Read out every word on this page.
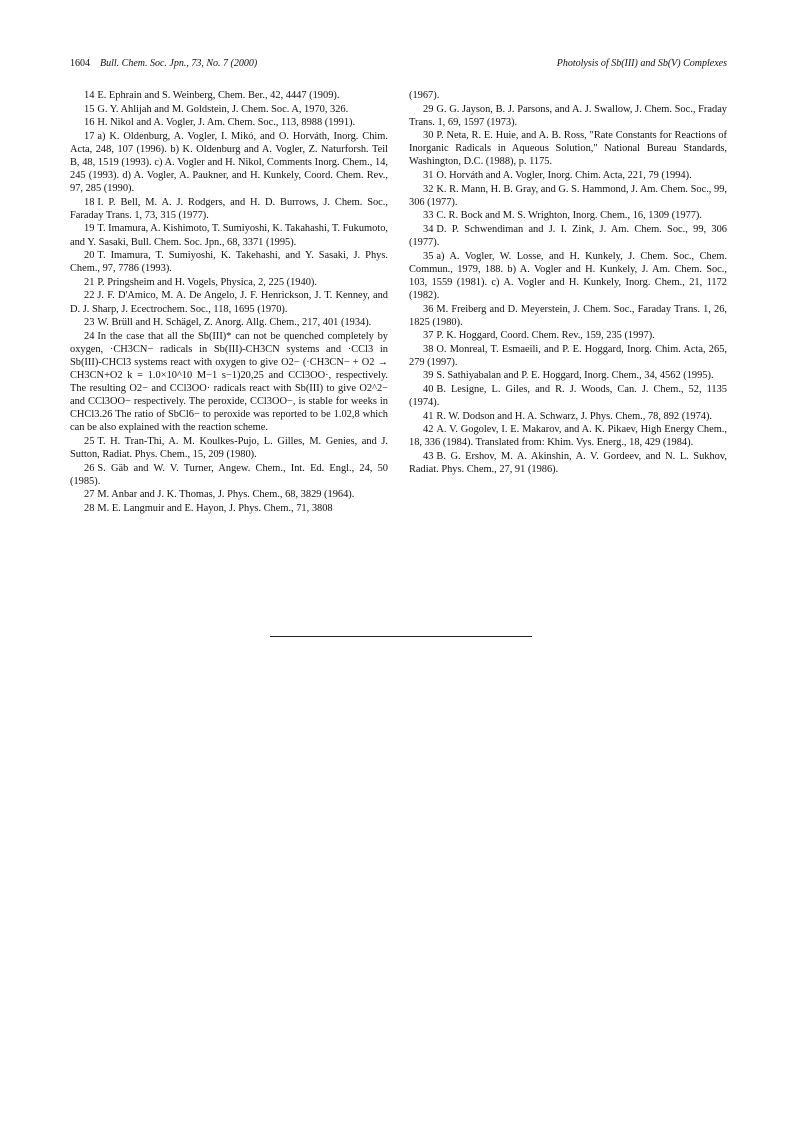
1604 Bull. Chem. Soc. Jpn., 73, No. 7 (2000)	Photolysis of Sb(III) and Sb(V) Complexes

14 E. Ephrain and S. Weinberg, Chem. Ber., 42, 4447 (1909).

15 G. Y. Ahlijah and M. Goldstein, J. Chem. Soc. A, 1970, 326.

16 H. Nikol and A. Vogler, J. Am. Chem. Soc., 113, 8988 (1991).

17 a) K. Oldenburg, A. Vogler, I. Mikó, and O. Horváth, Inorg. Chim. Acta, 248, 107 (1996). b) K. Oldenburg and A. Vogler, Z. Naturforsh. Teil B, 48, 1519 (1993). c) A. Vogler and H. Nikol, Comments Inorg. Chem., 14, 245 (1993). d) A. Vogler, A. Paukner, and H. Kunkely, Coord. Chem. Rev., 97, 285 (1990).

18 I. P. Bell, M. A. J. Rodgers, and H. D. Burrows, J. Chem. Soc., Faraday Trans. 1, 73, 315 (1977).

19 T. Imamura, A. Kishimoto, T. Sumiyoshi, K. Takahashi, T. Fukumoto, and Y. Sasaki, Bull. Chem. Soc. Jpn., 68, 3371 (1995).

20 T. Imamura, T. Sumiyoshi, K. Takehashi, and Y. Sasaki, J. Phys. Chem., 97, 7786 (1993).

21 P. Pringsheim and H. Vogels, Physica, 2, 225 (1940).

22 J. F. D'Amico, M. A. De Angelo, J. F. Henrickson, J. T. Kenney, and D. J. Sharp, J. Ecectrochem. Soc., 118, 1695 (1970).

23 W. Brüll and H. Schägel, Z. Anorg. Allg. Chem., 217, 401 (1934).

24 In the case that all the Sb(III)* can not be quenched completely by oxygen, ·CH3CN− radicals in Sb(III)-CH3CN systems and ·CCl3 in Sb(III)-CHCl3 systems react with oxygen to give O2− (·CH3CN− + O2 → CH3CN+O2 k = 1.0×10^10 M−1 s−1)20,25 and CCl3OO·, respectively. The resulting O2− and CCl3OO· radicals react with Sb(III) to give O2^2− and CCl3OO− respectively. The peroxide, CCl3OO−, is stable for weeks in CHCl3.26 The ratio of SbCl6− to peroxide was reported to be 1.02,8 which can be also explained with the reaction scheme.

25 T. H. Tran-Thi, A. M. Koulkes-Pujo, L. Gilles, M. Genies, and J. Sutton, Radiat. Phys. Chem., 15, 209 (1980).

26 S. Gäb and W. V. Turner, Angew. Chem., Int. Ed. Engl., 24, 50 (1985).

27 M. Anbar and J. K. Thomas, J. Phys. Chem., 68, 3829 (1964).

28 M. E. Langmuir and E. Hayon, J. Phys. Chem., 71, 3808

(1967).

29 G. G. Jayson, B. J. Parsons, and A. J. Swallow, J. Chem. Soc., Fraday Trans. 1, 69, 1597 (1973).

30 P. Neta, R. E. Huie, and A. B. Ross, "Rate Constants for Reactions of Inorganic Radicals in Aqueous Solution," National Bureau Standards, Washington, D.C. (1988), p. 1175.

31 O. Horváth and A. Vogler, Inorg. Chim. Acta, 221, 79 (1994).

32 K. R. Mann, H. B. Gray, and G. S. Hammond, J. Am. Chem. Soc., 99, 306 (1977).

33 C. R. Bock and M. S. Wrighton, Inorg. Chem., 16, 1309 (1977).

34 D. P. Schwendiman and J. I. Zink, J. Am. Chem. Soc., 99, 306 (1977).

35 a) A. Vogler, W. Losse, and H. Kunkely, J. Chem. Soc., Chem. Commun., 1979, 188. b) A. Vogler and H. Kunkely, J. Am. Chem. Soc., 103, 1559 (1981). c) A. Vogler and H. Kunkely, Inorg. Chem., 21, 1172 (1982).

36 M. Freiberg and D. Meyerstein, J. Chem. Soc., Faraday Trans. 1, 26, 1825 (1980).

37 P. K. Hoggard, Coord. Chem. Rev., 159, 235 (1997).

38 O. Monreal, T. Esmaeili, and P. E. Hoggard, Inorg. Chim. Acta, 265, 279 (1997).

39 S. Sathiyabalan and P. E. Hoggard, Inorg. Chem., 34, 4562 (1995).

40 B. Lesigne, L. Giles, and R. J. Woods, Can. J. Chem., 52, 1135 (1974).

41 R. W. Dodson and H. A. Schwarz, J. Phys. Chem., 78, 892 (1974).

42 A. V. Gogolev, I. E. Makarov, and A. K. Pikaev, High Energy Chem., 18, 336 (1984). Translated from: Khim. Vys. Energ., 18, 429 (1984).

43 B. G. Ershov, M. A. Akinshin, A. V. Gordeev, and N. L. Sukhov, Radiat. Phys. Chem., 27, 91 (1986).
